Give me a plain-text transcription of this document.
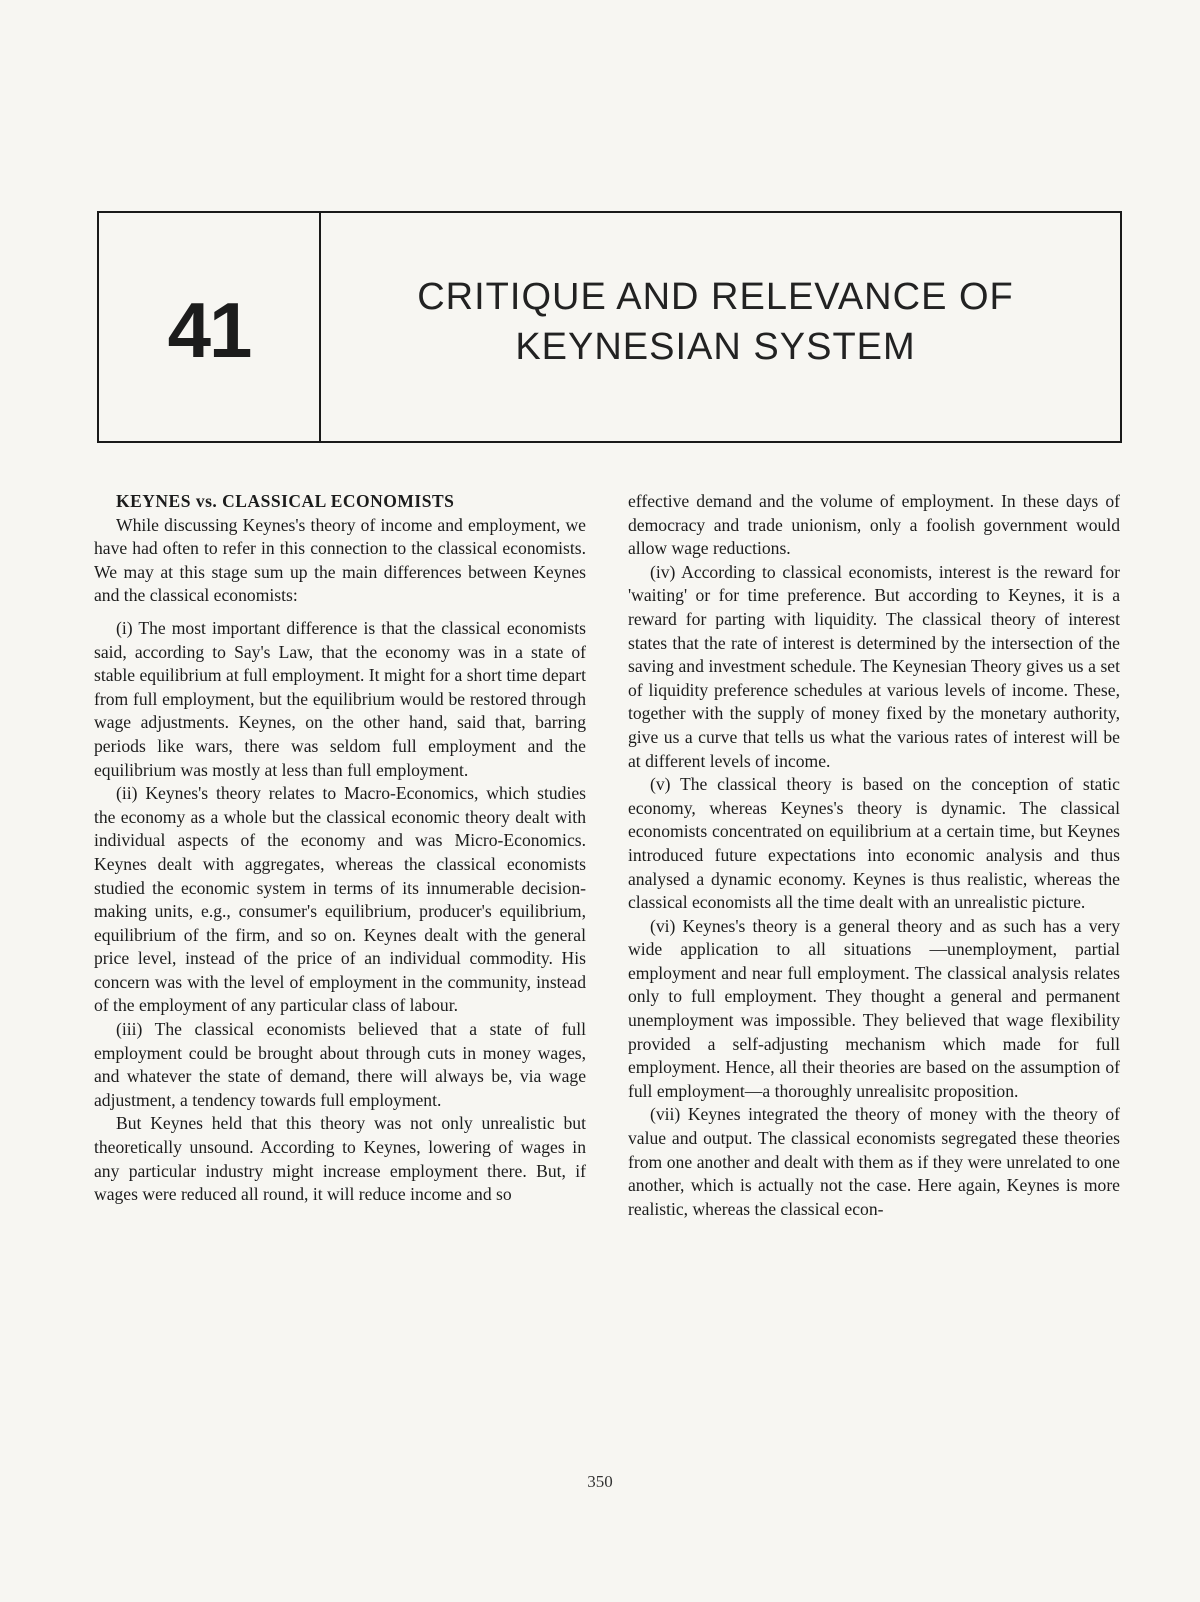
41	CRITIQUE AND RELEVANCE OF
KEYNESIAN SYSTEM

KEYNES vs. CLASSICAL ECONOMISTS

While discussing Keynes's theory of income and employment, we have had often to refer in this connection to the classical economists. We may at this stage sum up the main differences between Keynes and the classical economists:

(i) The most important difference is that the classical economists said, according to Say's Law, that the economy was in a state of stable equilibrium at full employment. It might for a short time depart from full employment, but the equilibrium would be restored through wage adjustments. Keynes, on the other hand, said that, barring periods like wars, there was seldom full employment and the equilibrium was mostly at less than full employment.

(ii) Keynes's theory relates to Macro-Economics, which studies the economy as a whole but the classical economic theory dealt with individual aspects of the economy and was Micro-Economics. Keynes dealt with aggregates, whereas the classical economists studied the economic system in terms of its innumerable decision-making units, e.g., consumer's equilibrium, producer's equilibrium, equilibrium of the firm, and so on. Keynes dealt with the general price level, instead of the price of an individual commodity. His concern was with the level of employment in the community, instead of the employment of any particular class of labour.

(iii) The classical economists believed that a state of full employment could be brought about through cuts in money wages, and whatever the state of demand, there will always be, via wage adjustment, a tendency towards full employment.

But Keynes held that this theory was not only unrealistic but theoretically unsound. According to Keynes, lowering of wages in any particular industry might increase employment there. But, if wages were reduced all round, it will reduce income and so

effective demand and the volume of employment. In these days of democracy and trade unionism, only a foolish government would allow wage reductions.

(iv) According to classical economists, interest is the reward for 'waiting' or for time preference. But according to Keynes, it is a reward for parting with liquidity. The classical theory of interest states that the rate of interest is determined by the intersection of the saving and investment schedule. The Keynesian Theory gives us a set of liquidity preference schedules at various levels of income. These, together with the supply of money fixed by the monetary authority, give us a curve that tells us what the various rates of interest will be at different levels of income.

(v) The classical theory is based on the conception of static economy, whereas Keynes's theory is dynamic. The classical economists concentrated on equilibrium at a certain time, but Keynes introduced future expectations into economic analysis and thus analysed a dynamic economy. Keynes is thus realistic, whereas the classical economists all the time dealt with an unrealistic picture.

(vi) Keynes's theory is a general theory and as such has a very wide application to all situations —unemployment, partial employment and near full employment. The classical analysis relates only to full employment. They thought a general and permanent unemployment was impossible. They believed that wage flexibility provided a self-adjusting mechanism which made for full employment. Hence, all their theories are based on the assumption of full employment—a thoroughly unrealisitc proposition.

(vii) Keynes integrated the theory of money with the theory of value and output. The classical economists segregated these theories from one another and dealt with them as if they were unrelated to one another, which is actually not the case. Here again, Keynes is more realistic, whereas the classical econ-

350
